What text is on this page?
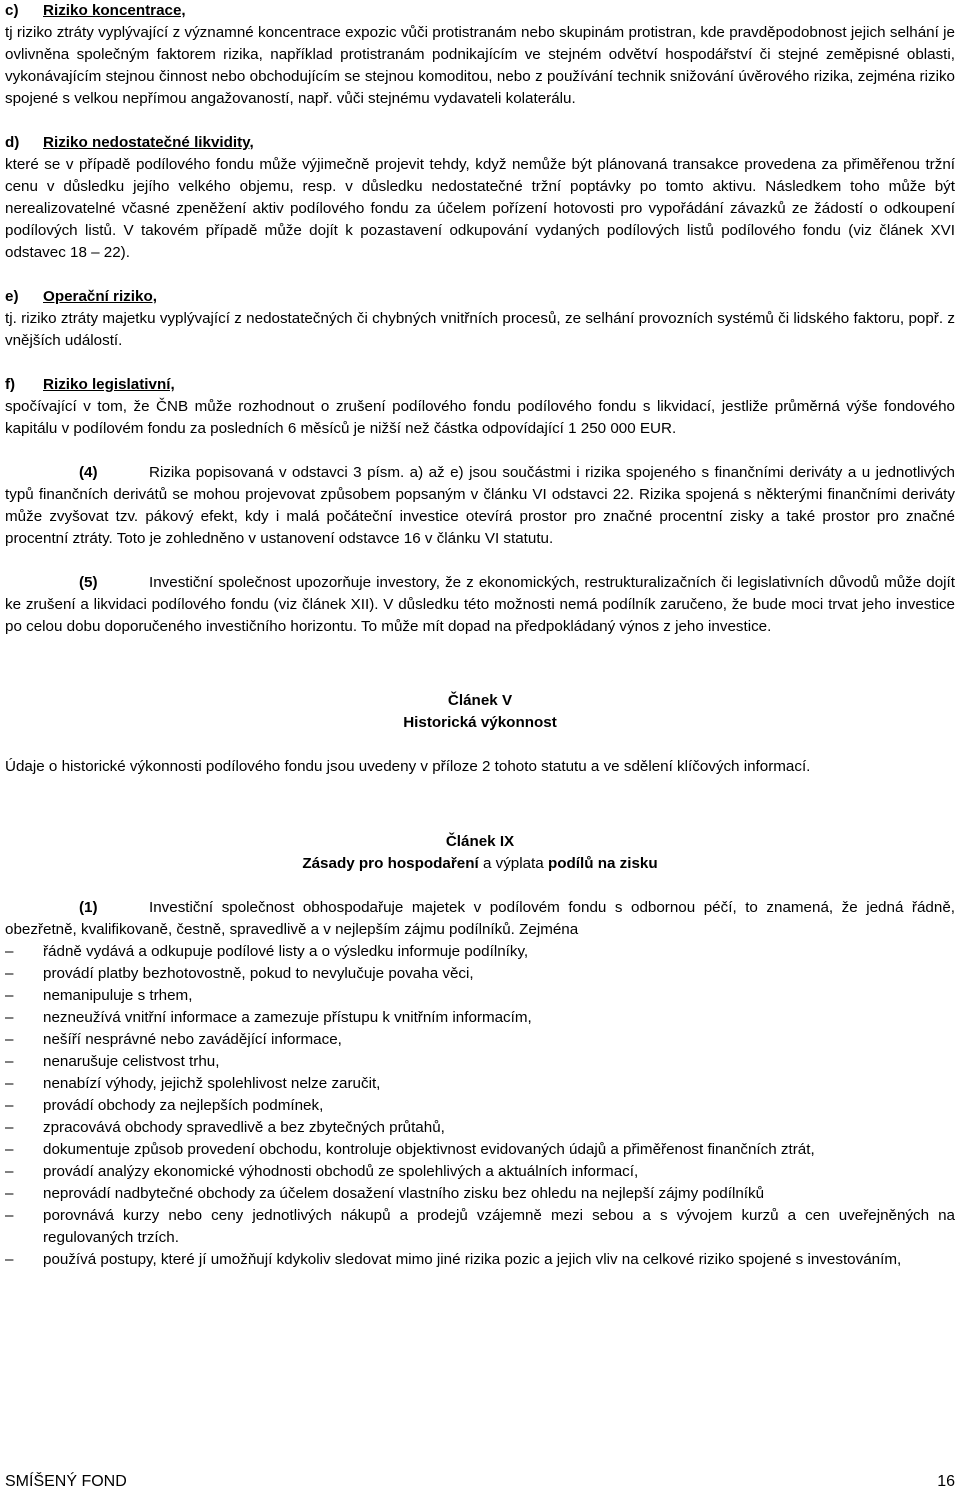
c) Riziko koncentrace,

tj riziko ztráty vyplývající z významné koncentrace expozic vůči protistranám nebo skupinám protistran, kde pravděpodobnost jejich selhání je ovlivněna společným faktorem rizika, například protistranám podnikajícím ve stejném odvětví hospodářství či stejné zeměpisné oblasti, vykonávajícím stejnou činnost nebo obchodujícím se stejnou komoditou, nebo z používání technik snižování úvěrového rizika, zejména riziko spojené s velkou nepřímou angažovaností, např. vůči stejnému vydavateli kolaterálu.

d) Riziko nedostatečné likvidity,

které se v případě podílového fondu může výjimečně projevit tehdy, když nemůže být plánovaná transakce provedena za přiměřenou tržní cenu v důsledku jejího velkého objemu, resp. v důsledku nedostatečné tržní poptávky po tomto aktivu. Následkem toho může být nerealizovatelné včasné zpeněžení aktiv podílového fondu za účelem pořízení hotovosti pro vypořádání závazků ze žádostí o odkoupení podílových listů. V takovém případě může dojít k pozastavení odkupování vydaných podílových listů podílového fondu (viz článek XVI odstavec 18 – 22).

e) Operační riziko,

tj. riziko ztráty majetku vyplývající z nedostatečných či chybných vnitřních procesů, ze selhání provozních systémů či lidského faktoru, popř. z vnějších událostí.

f) Riziko legislativní,

spočívající v tom, že ČNB může rozhodnout o zrušení podílového fondu podílového fondu s likvidací, jestliže průměrná výše fondového kapitálu v podílovém fondu za posledních 6 měsíců je nižší než částka odpovídající 1 250 000 EUR.

(4)	Rizika popisovaná v odstavci 3 písm. a) až e) jsou součástmi i rizika spojeného s finančními deriváty a u jednotlivých typů finančních derivátů se mohou projevovat způsobem popsaným v článku VI odstavci 22. Rizika spojená s některými finančními deriváty může zvyšovat tzv. pákový efekt, kdy i malá počáteční investice otevírá prostor pro značné procentní zisky a také prostor pro značné procentní ztráty. Toto je zohledněno v ustanovení odstavce 16 v článku VI statutu.

(5)	Investiční společnost upozorňuje investory, že z ekonomických, restrukturalizačních či legislativních důvodů může dojít ke zrušení a likvidaci podílového fondu (viz článek XII). V důsledku této možnosti nemá podílník zaručeno, že bude moci trvat jeho investice po celou dobu doporučeného investičního horizontu. To může mít dopad na předpokládaný výnos z jeho investice.

Článek V
Historická výkonnost

Údaje o historické výkonnosti podílového fondu jsou uvedeny v příloze 2 tohoto statutu a ve sdělení klíčových informací.

Článek IX
Zásady pro hospodaření a výplata podílů na zisku

(1)	Investiční společnost obhospodařuje majetek v podílovém fondu s odbornou péčí, to znamená, že jedná řádně, obezřetně, kvalifikovaně, čestně, spravedlivě a v nejlepším zájmu podílníků. Zejména

–	řádně vydává a odkupuje podílové listy a o výsledku informuje podílníky,
–	provádí platby bezhotovostně, pokud to nevylučuje povaha věci,
–	nemanipuluje s trhem,
–	nezneužívá vnitřní informace a zamezuje přístupu k vnitřním informacím,
–	nešíří nesprávné nebo zavádějící informace,
–	nenarušuje celistvost trhu,
–	nenabízí výhody, jejichž spolehlivost nelze zaručit,
–	provádí obchody za nejlepších podmínek,
–	zpracovává obchody spravedlivě a bez zbytečných průtahů,
–	dokumentuje způsob provedení obchodu, kontroluje objektivnost evidovaných údajů a přiměřenost finančních ztrát,
–	provádí analýzy ekonomické výhodnosti obchodů ze spolehlivých a aktuálních informací,
–	neprovádí nadbytečné obchody za účelem dosažení vlastního zisku bez ohledu na nejlepší zájmy podílníků
–	porovnává kurzy nebo ceny jednotlivých nákupů a prodejů vzájemně mezi sebou a s vývojem kurzů a cen uveřejněných na regulovaných trzích.
–	používá postupy, které jí umožňují kdykoliv sledovat mimo jiné rizika pozic a jejich vliv na celkové riziko spojené s investováním,
SMÍŠENÝ FOND	16
